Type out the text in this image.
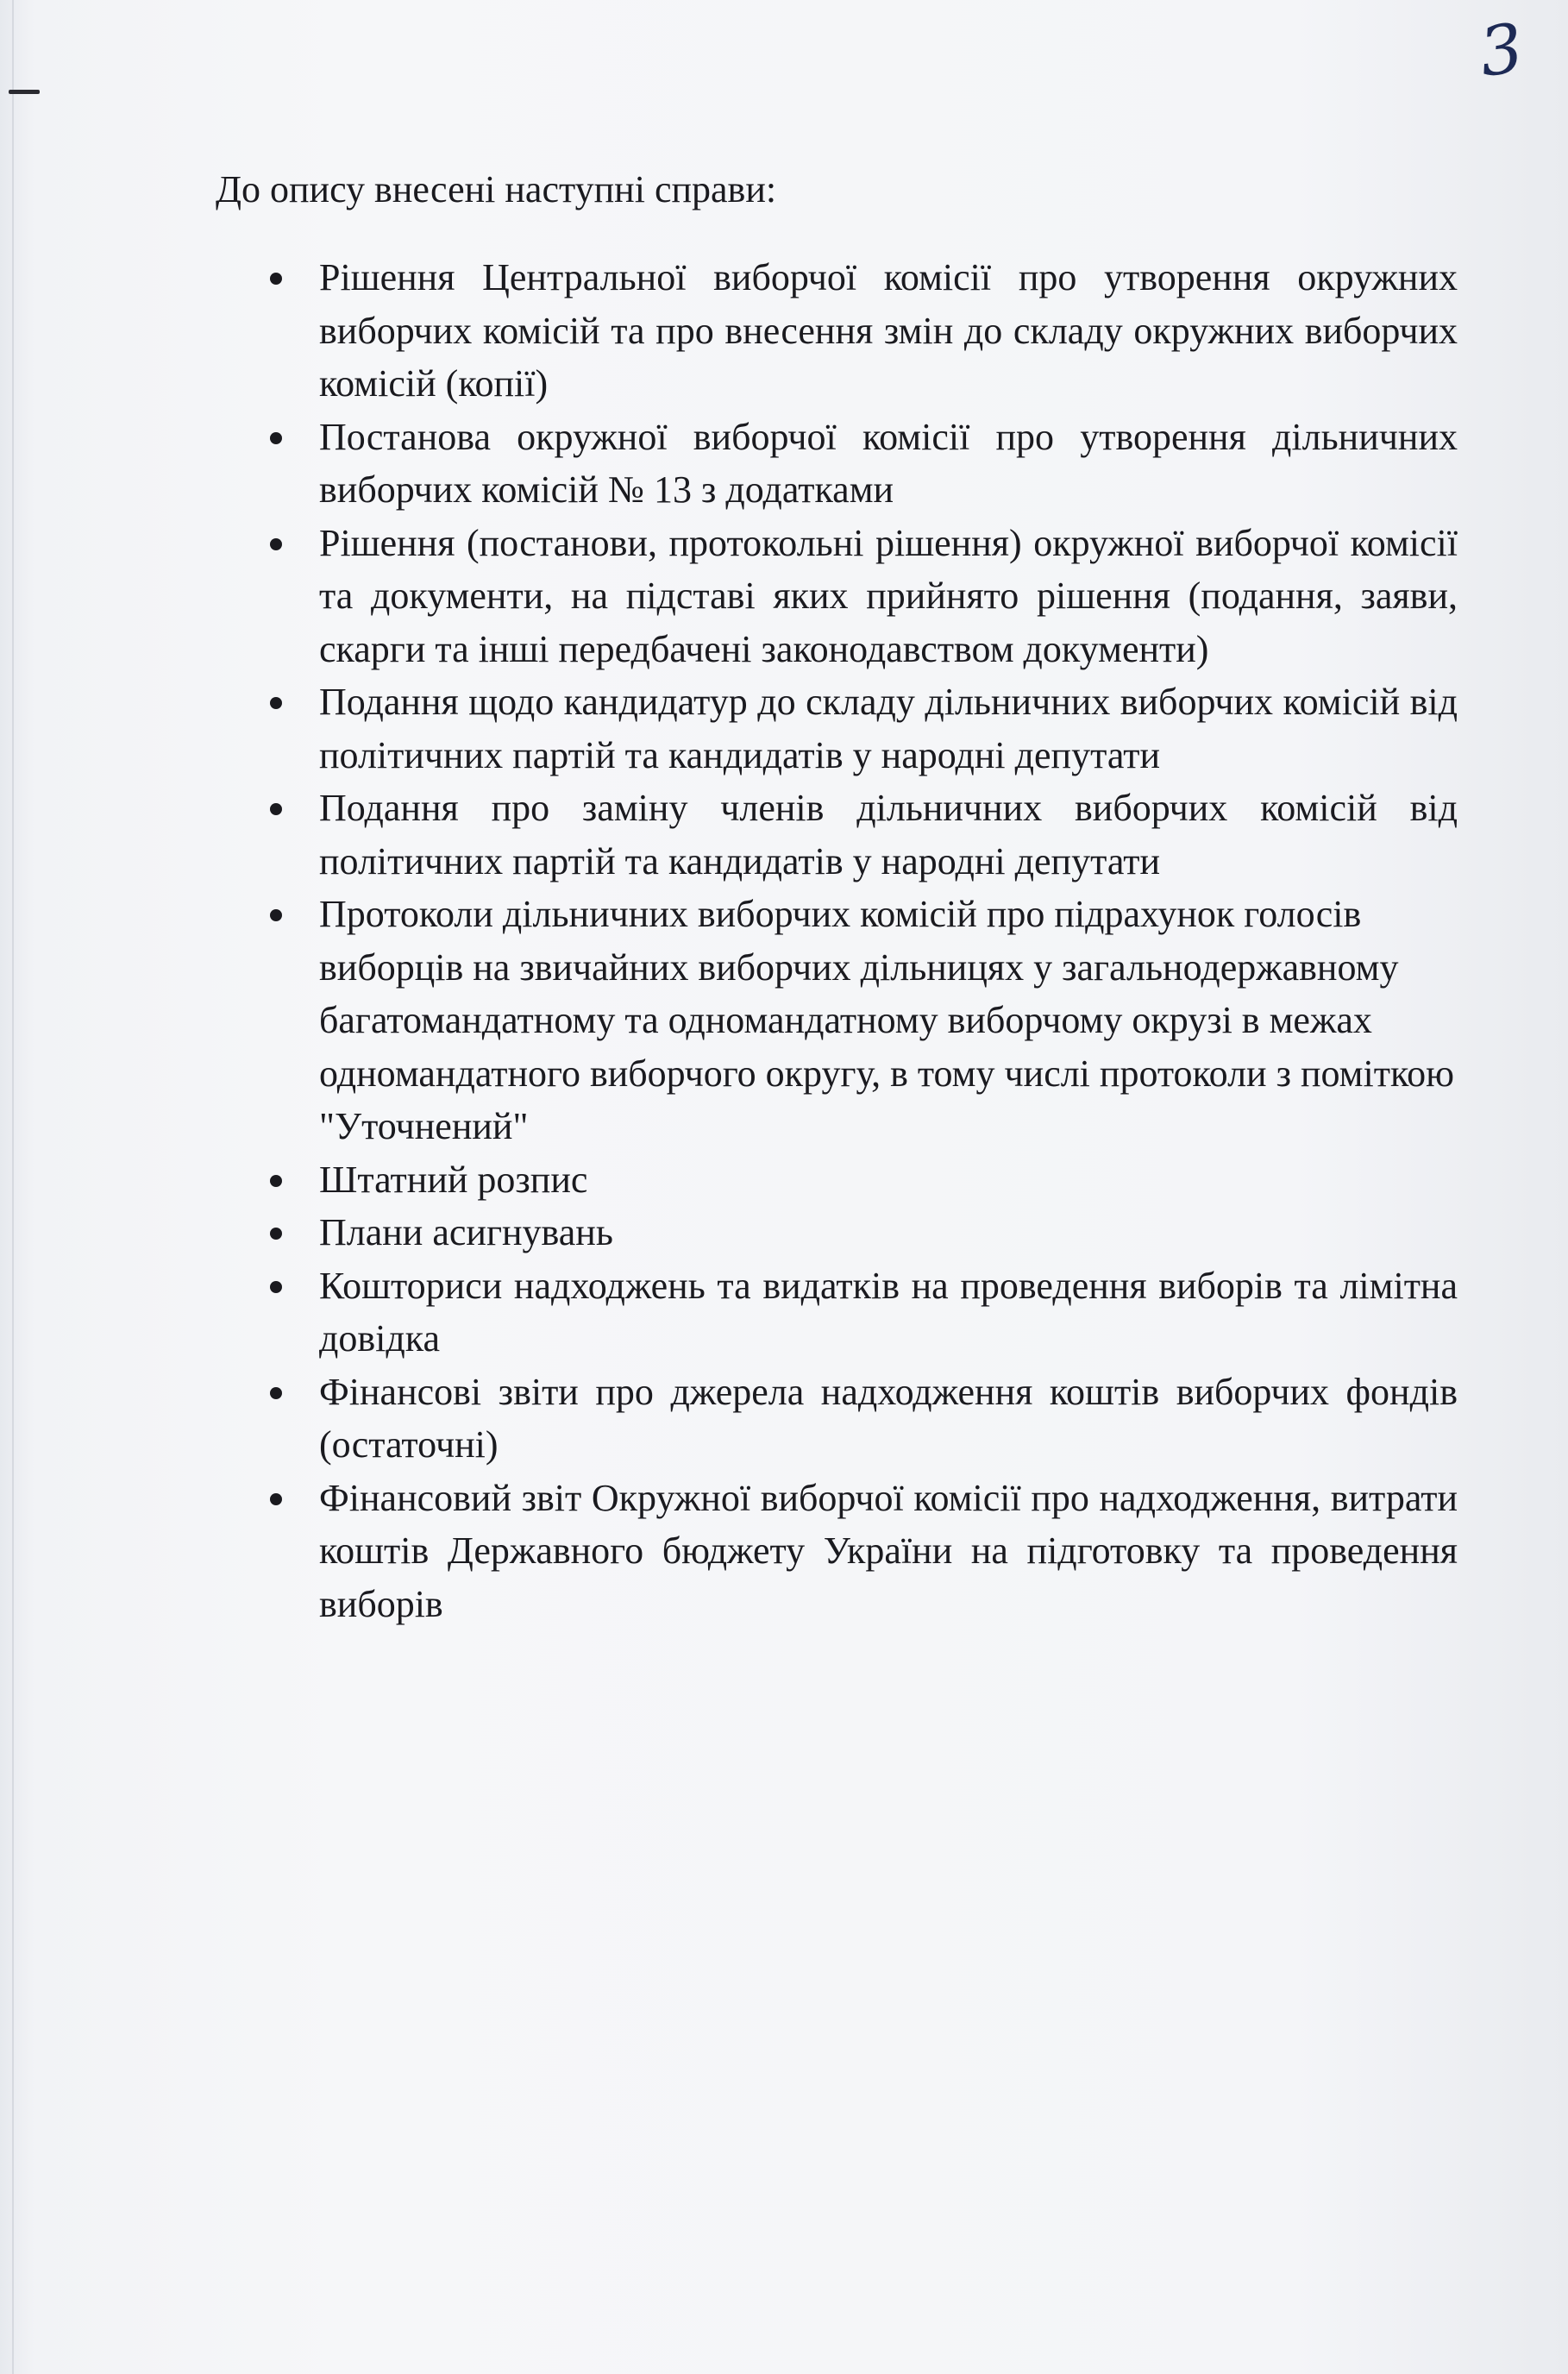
3
До опису внесені наступні справи:
Рішення Центральної виборчої комісії про утворення окружних виборчих комісій та про внесення змін до складу окружних виборчих комісій (копії)
Постанова окружної виборчої комісії про утворення дільничних виборчих комісій № 13 з додатками
Рішення (постанови, протокольні рішення) окружної виборчої комісії та документи, на підставі яких прийнято рішення (подання, заяви, скарги та інші передбачені законодавством документи)
Подання щодо кандидатур до складу дільничних виборчих комісій від політичних партій та кандидатів у народні депутати
Подання про заміну членів дільничних виборчих комісій від політичних партій та кандидатів у народні депутати
Протоколи дільничних виборчих комісій про підрахунок голосів виборців на звичайних виборчих дільницях у загальнодержавному багатомандатному та одномандатному виборчому окрузі в межах одномандатного виборчого округу, в тому числі протоколи з поміткою "Уточнений"
Штатний розпис
Плани асигнувань
Кошториси надходжень та видатків на проведення виборів та лімітна довідка
Фінансові звіти про джерела надходження коштів виборчих фондів (остаточні)
Фінансовий звіт Окружної виборчої комісії про надходження, витрати коштів Державного бюджету України на підготовку та проведення виборів
